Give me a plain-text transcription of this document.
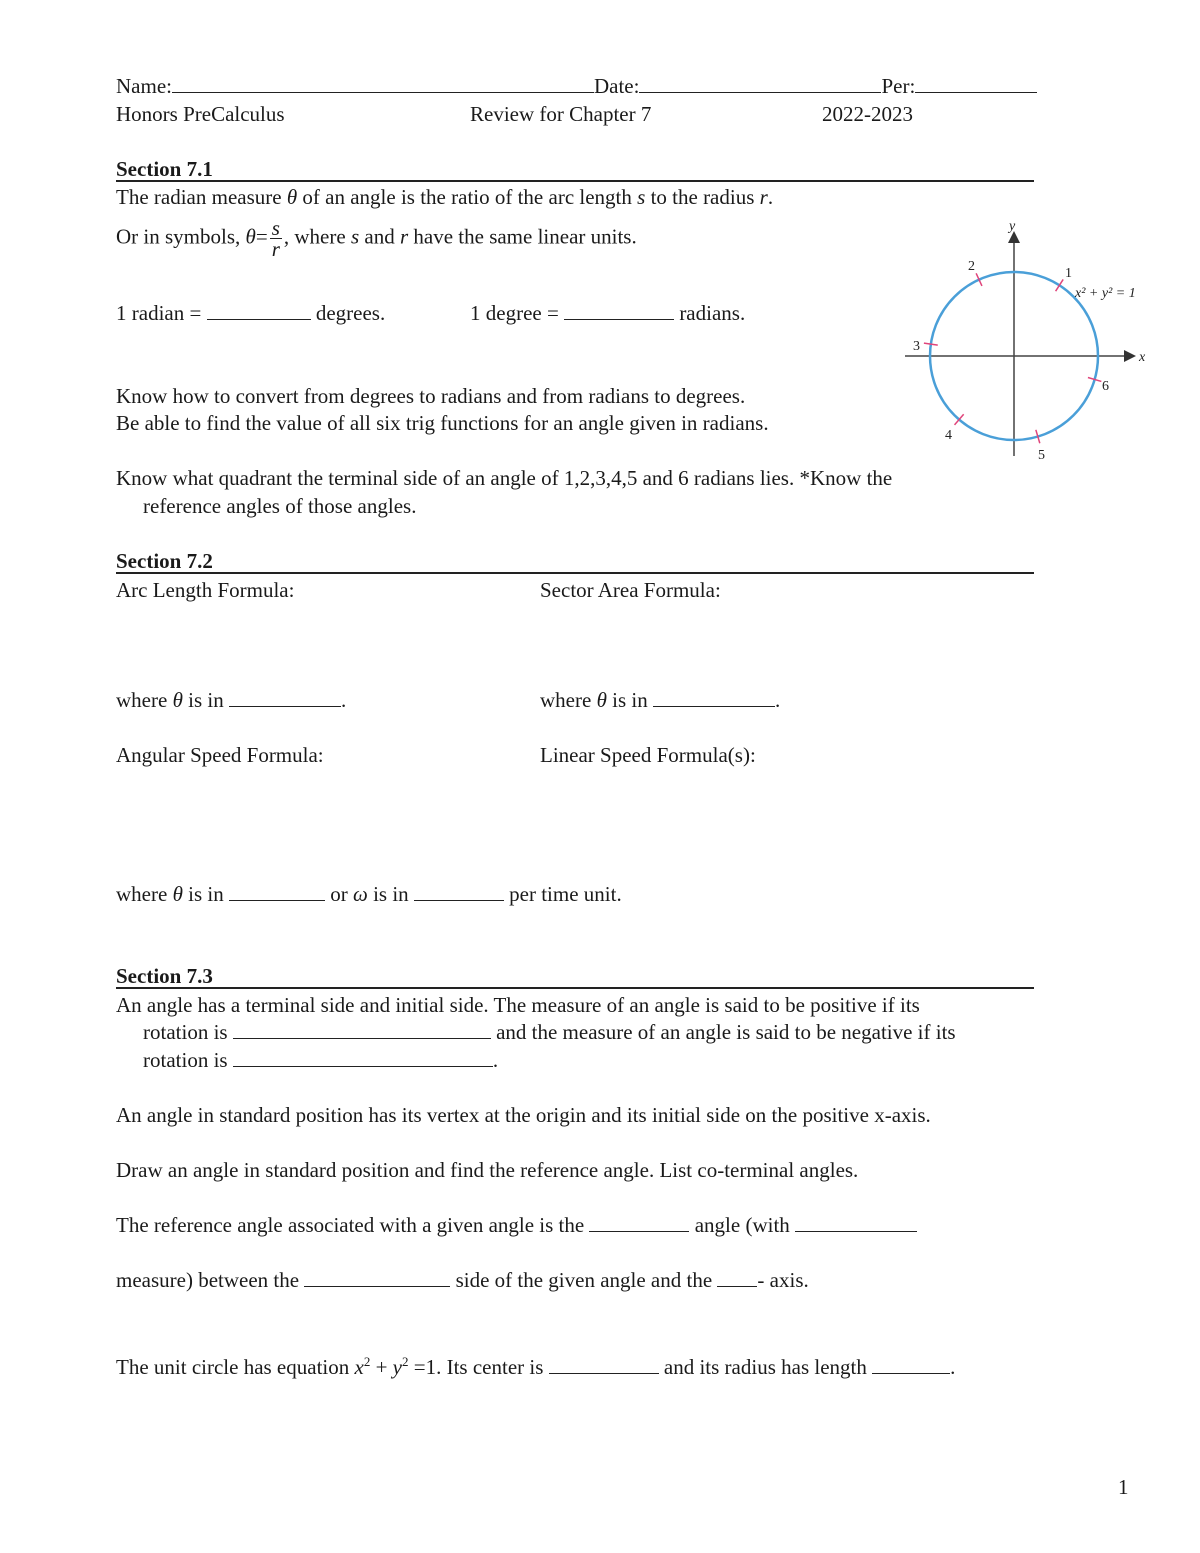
Name:	Date:	Per:
Honors PreCalculus	Review for Chapter 7	2022-2023
Section 7.1
The radian measure θ of an angle is the ratio of the arc length s to the radius r.
Or in symbols, $\theta= \frac{s}{r}$ , where s and r have the same linear units.
1 radian =	degrees.	1 degree =	radians.
Know how to convert from degrees to radians and from radians to degrees.
Be able to find the value of all six trig functions for an angle given in radians.
Know what quadrant the terminal side of an angle of 1,2,3,4,5 and 6 radians lies. *Know the
reference angles of those angles.
x
y
1
2
3
4
5
6
x² + y² = 1
Section 7.2
Arc Length Formula:	Sector Area Formula:
where θ is in	.	where θ is in	.
Angular Speed Formula:	Linear Speed Formula(s):
where θ is in	or ω is in	per time unit.
Section 7.3
An angle has a terminal side and initial side. The measure of an angle is said to be positive if its
rotation is	and the measure of an angle is said to be negative if its
rotation is	.
An angle in standard position has its vertex at the origin and its initial side on the positive x-axis.
Draw an angle in standard position and find the reference angle. List co-terminal angles.
The reference angle associated with a given angle is the	angle (with
measure) between the	side of the given angle and the - axis.
The unit circle has equation $x^2 + y^2 =1$. Its center is	and its radius has length	.
1
